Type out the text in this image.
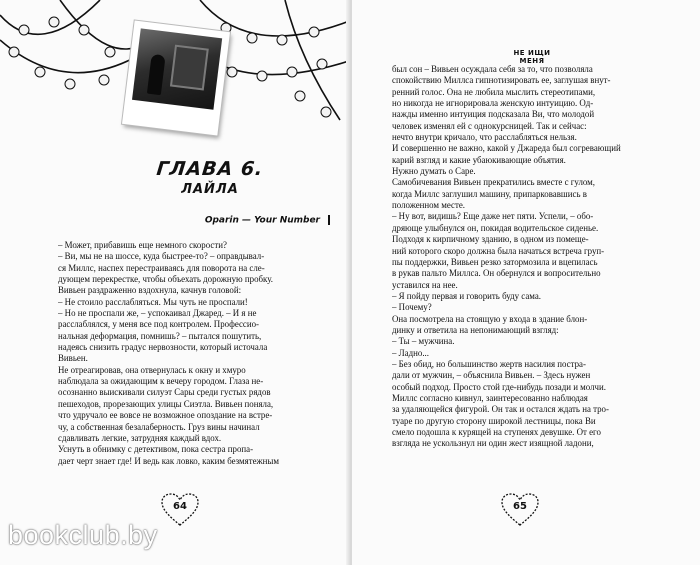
ГЛАВА 6.
ЛАЙЛА
Oparin — Your Number

– Может, прибавишь еще немного скорости?

– Ви, мы не на шоссе, куда быстрее-то? – оправдывал-

ся Миллс, наспех перестраиваясь для поворота на сле-

дующем перекрестке, чтобы объехать дорожную пробку.

Вивьен раздраженно вздохнула, качнув головой:

– Не стоило расслабляться. Мы чуть не проспали!

– Но не проспали же, – успокаивал Джаред. – И я не

расслаблялся, у меня все под контролем. Профессио-

нальная деформация, помнишь? – пытался пошутить,

надеясь снизить градус нервозности, который источала

Вивьен.

Не отреагировав, она отвернулась к окну и хмуро

наблюдала за ожидающим к вечеру городом. Глаза не-

осознанно выискивали силуэт Сары среди густых рядов

пешеходов, прорезающих улицы Сиэтла. Вивьен поняла,

что удручало ее вовсе не возможное опоздание на встре-

чу, а собственная безалаберность. Груз вины начинал

сдавливать легкие, затрудняя каждый вдох.

Уснуть в обнимку с детективом, пока сестра пропа-

дает черт знает где! И ведь как ловко, каким безмятежным

64
НЕ ИЩИ МЕНЯ

был сон – Вивьен осуждала себя за то, что позволяла

спокойствию Миллса гипнотизировать ее, заглушая внут-

ренний голос. Она не любила мыслить стереотипами,

но никогда не игнорировала женскую интуицию. Од-

нажды именно интуиция подсказала Ви, что молодой

человек изменял ей с однокурсницей. Так и сейчас:

нечто внутри кричало, что расслабляться нельзя.

И совершенно не важно, какой у Джареда был согревающий

карий взгляд и какие убаюкивающие объятия.

Нужно думать о Саре.

Самобичевания Вивьен прекратились вместе с гулом,

когда Миллс заглушил машину, припарковавшись в

положенном месте.

– Ну вот, видишь? Еще даже нет пяти. Успели, – обо-

дряюще улыбнулся он, покидая водительское сиденье.

Подходя к кирпичному зданию, в одном из помеще-

ний которого скоро должна была начаться встреча груп-

пы поддержки, Вивьен резко затормозила и вцепилась

в рукав пальто Миллса. Он обернулся и вопросительно

уставился на нее.

– Я пойду первая и говорить буду сама.

– Почему?

Она посмотрела на стоящую у входа в здание блон-

динку и ответила на непонимающий взгляд:

– Ты – мужчина.

– Ладно...

– Без обид, но большинство жертв насилия постра-

дали от мужчин, – объяснила Вивьен. – Здесь нужен

особый подход. Просто стой где-нибудь позади и молчи.

Миллс согласно кивнул, заинтересованно наблюдая

за удаляющейся фигурой. Он так и остался ждать на тро-

туаре по другую сторону широкой лестницы, пока Ви

смело подошла к курящей на ступенях девушке. От его

взгляда не ускользнул ни один жест изящной ладони,

65
bookclub.by
